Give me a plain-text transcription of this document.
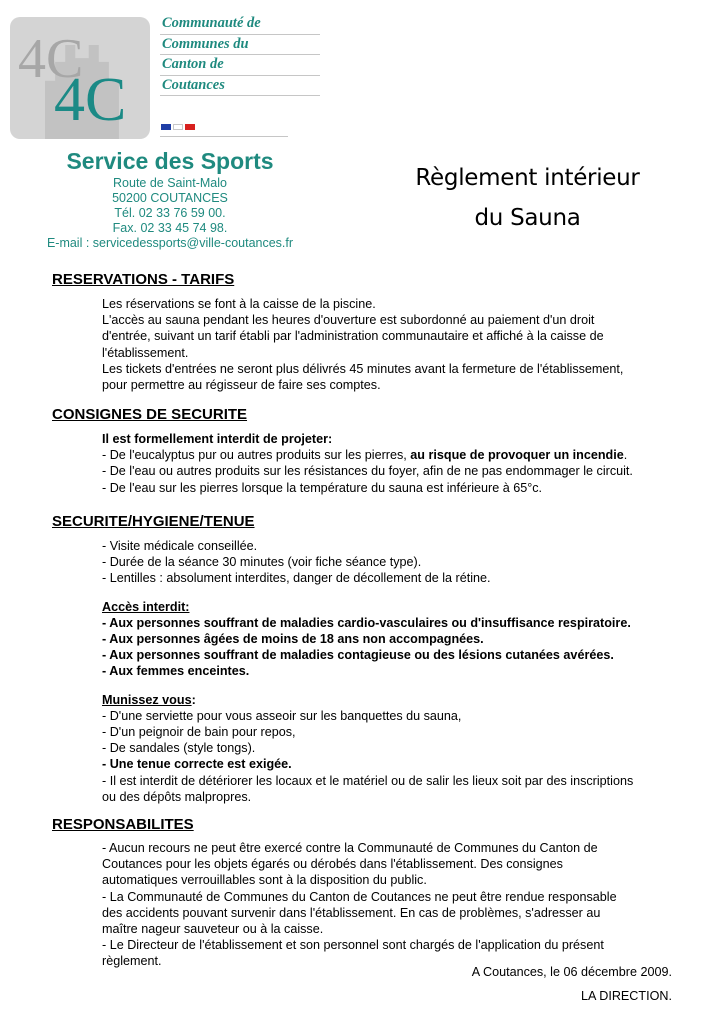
4C
4C
Communauté de
Communes du
Canton de
Coutances
Service des Sports
Route de Saint-Malo
50200 COUTANCES
Tél. 02 33 76 59 00.
Fax. 02 33 45 74 98.
E-mail : servicedessports@ville-coutances.fr
Règlement intérieur
du Sauna
RESERVATIONS - TARIFS

Les réservations se font à la caisse de la piscine.

L'accès au sauna pendant les heures d'ouverture est subordonné au paiement d'un droit

d'entrée, suivant un tarif établi par l'administration communautaire et affiché à la caisse de

l'établissement.

Les tickets d'entrées ne seront plus délivrés 45 minutes avant la fermeture de l'établissement,

pour permettre au régisseur de faire ses comptes.

CONSIGNES DE SECURITE

Il est formellement interdit de projeter:

- De l'eucalyptus pur ou autres produits sur les pierres, au risque de provoquer un incendie.

- De l'eau ou autres produits sur les résistances du foyer, afin de ne pas endommager le circuit.

- De l'eau sur les pierres lorsque la température du sauna est inférieure à 65°c.

SECURITE/HYGIENE/TENUE

- Visite médicale conseillée.

- Durée de la séance 30 minutes (voir fiche séance type).

- Lentilles : absolument interdites, danger de décollement de la rétine.

Accès interdit:

- Aux personnes souffrant de maladies cardio-vasculaires ou d'insuffisance respiratoire.

- Aux personnes âgées de moins de 18 ans non accompagnées.

- Aux personnes souffrant de maladies contagieuse ou des lésions cutanées avérées.

- Aux femmes enceintes.

Munissez vous:

- D'une serviette pour vous asseoir sur les banquettes du sauna,

- D'un peignoir de bain pour repos,

- De sandales (style tongs).

- Une tenue correcte est exigée.

- Il est interdit de détériorer les locaux et le matériel ou de salir les lieux soit par des inscriptions

ou des dépôts malpropres.

RESPONSABILITES

- Aucun recours ne peut être exercé contre la Communauté de Communes du Canton de

Coutances pour les objets égarés ou dérobés dans l'établissement. Des consignes

automatiques verrouillables sont à la disposition du public.

- La Communauté de Communes du Canton de Coutances ne peut être rendue responsable

des accidents pouvant survenir dans l'établissement. En cas de problèmes, s'adresser au

maître nageur sauveteur ou à la caisse.

- Le Directeur de l'établissement et son personnel sont chargés de l'application du présent

règlement.

A Coutances, le 06 décembre 2009.
LA DIRECTION.
